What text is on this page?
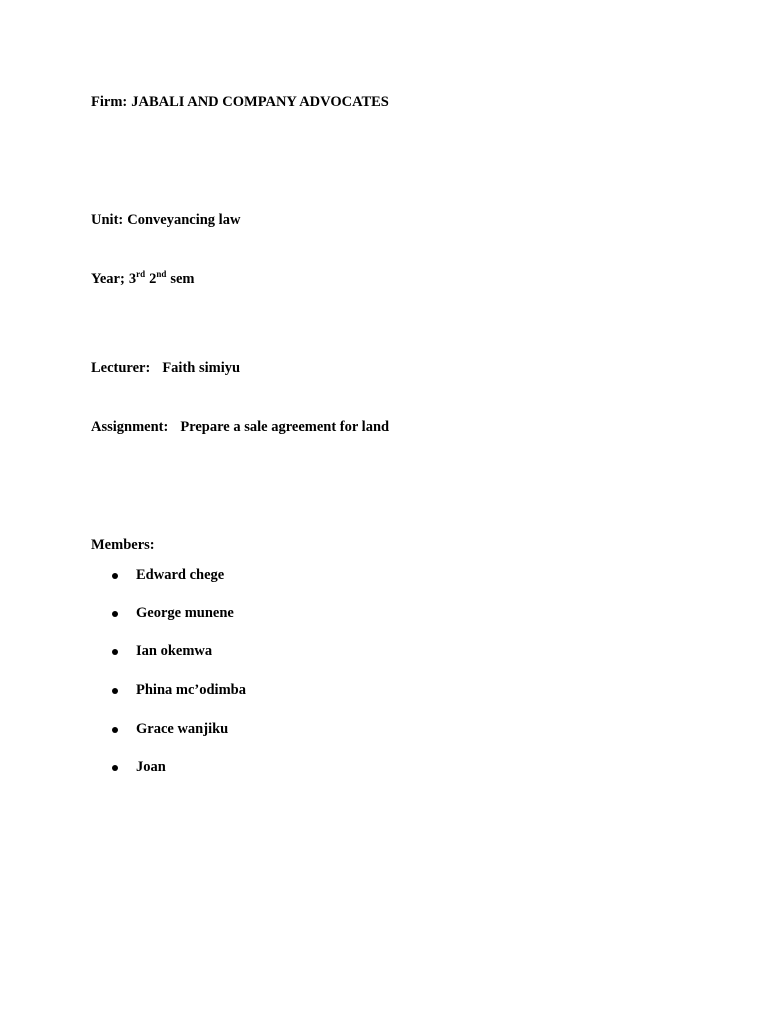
Firm: JABALI AND COMPANY ADVOCATES
Unit: Conveyancing law
Year; 3rd 2nd sem
Lecturer: Faith simiyu
Assignment: Prepare a sale agreement for land
Members:
Edward chege
George munene
Ian okemwa
Phina mc’odimba
Grace wanjiku
Joan
